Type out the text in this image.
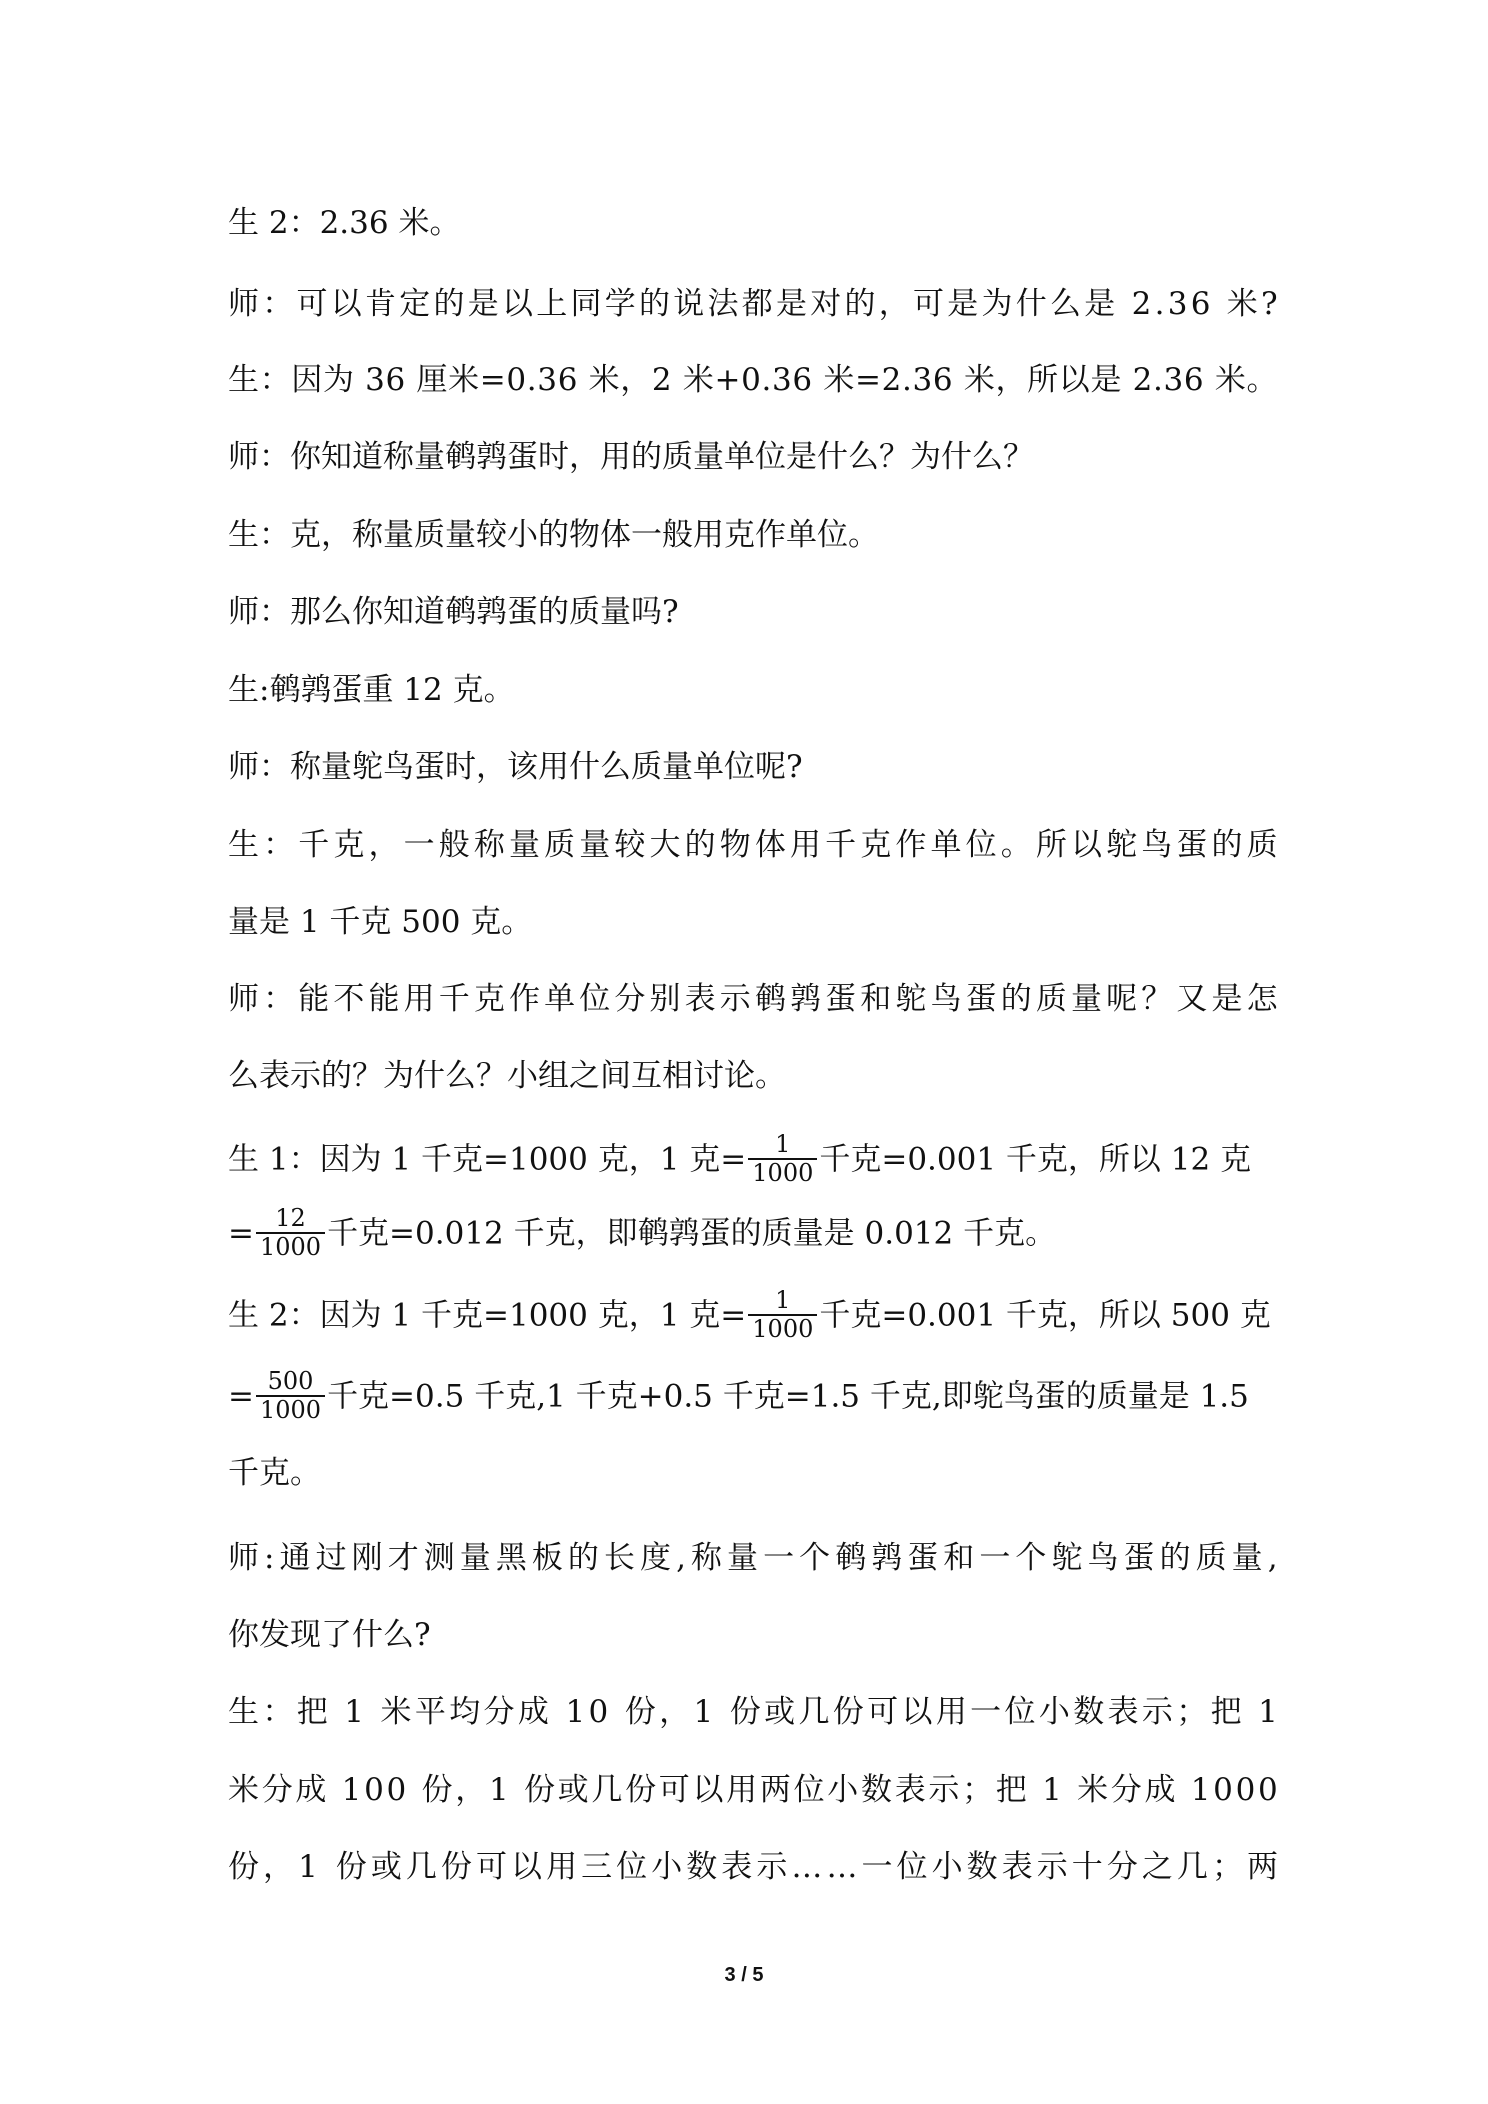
生 2：2.36 米。
师 ： 可 以 肯 定 的 是 以 上 同 学 的 说 法 都 是 对 的 ， 可 是 为 什 么 是
2 . 3 6
米 ?
生 ： 因 为
3 6
厘 米 = 0 . 3 6
米 ， 2
米 + 0 . 3 6
米 = 2 . 3 6
米 ， 所 以 是
2 . 3 6
米 。
师：你知道称量鹌鹑蛋时，用的质量单位是什么？为什么？
生：克，称量质量较小的物体一般用克作单位。
师：那么你知道鹌鹑蛋的质量吗?
生:鹌鹑蛋重 12 克。
师：称量鸵鸟蛋时，该用什么质量单位呢?
生 ： 千 克 ， 一 般 称 量 质 量 较 大 的 物 体 用 千 克 作 单 位 。 所 以 鸵 鸟 蛋 的 质
量是 1 千克 500 克。
师 ： 能 不 能 用 千 克 作 单 位 分 别 表 示 鹌 鹑 蛋 和 鸵 鸟 蛋 的 质 量 呢 ？ 又 是 怎
么表示的？为什么？小组之间互相讨论。
生 1：因为 1 千克=1000 克，1 克= $\frac{1}{1000}$ 千克=0.001 千克，所以 12 克
= $\frac{12}{1000}$ 千克=0.012 千克，即鹌鹑蛋的质量是 0.012 千克。
生 2：因为 1 千克=1000 克，1 克= $\frac{1}{1000}$ 千克=0.001 千克，所以 500 克
= $\frac{500}{1000}$ 千克=0.5 千克,1 千克+0.5 千克=1.5 千克,即鸵鸟蛋的质量是 1.5
千克。
师 : 通 过 刚 才 测 量 黑 板 的 长 度 , 称 量 一 个 鹌 鹑 蛋 和 一 个 鸵 鸟 蛋 的 质 量 ,
你发现了什么?
生 ： 把
1
米 平 均 分 成
1 0
份 ， 1
份 或 几 份 可 以 用 一 位 小 数 表 示 ； 把
1
米 分 成
1 0 0
份 ， 1
份 或 几 份 可 以 用 两 位 小 数 表 示 ； 把
1
米 分 成
1 0 0 0
份 ， 1
份 或 几 份 可 以 用 三 位 小 数 表 示 … … 一 位 小 数 表 示 十 分 之 几 ； 两
3 / 5
